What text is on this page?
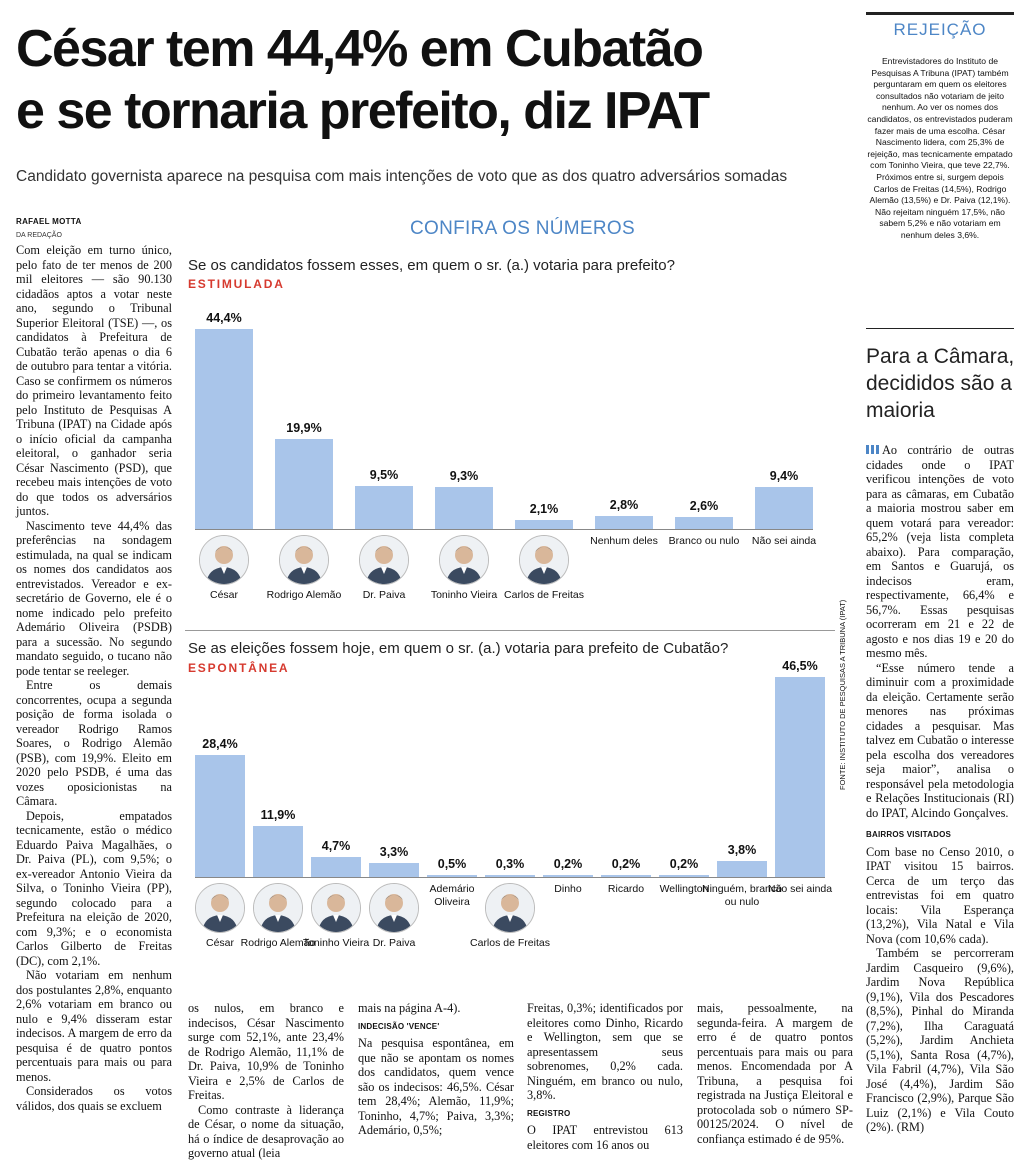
César tem 44,4% em Cubatão
e se tornaria prefeito, diz IPAT
Candidato governista aparece na pesquisa com mais intenções de voto que as dos quatro adversários somadas
RAFAEL MOTTA
DA REDAÇÃO

Com eleição em turno único, pelo fato de ter menos de 200 mil eleitores — são 90.130 cidadãos aptos a votar neste ano, segundo o Tribunal Superior Eleitoral (TSE) —, os candidatos à Prefeitura de Cubatão terão apenas o dia 6 de outubro para tentar a vitória. Caso se confirmem os números do primeiro levantamento feito pelo Instituto de Pesquisas A Tribuna (IPAT) na Cidade após o início oficial da campanha eleitoral, o ganhador seria César Nascimento (PSD), que recebeu mais intenções de voto do que todos os adversários juntos.

Nascimento teve 44,4% das preferências na sondagem estimulada, na qual se indicam os nomes dos candidatos aos entrevistados. Vereador e ex-secretário de Governo, ele é o nome indicado pelo prefeito Ademário Oliveira (PSDB) para a sucessão. No segundo mandato seguido, o tucano não pode tentar se reeleger.

Entre os demais concorrentes, ocupa a segunda posição de forma isolada o vereador Rodrigo Ramos Soares, o Rodrigo Alemão (PSB), com 19,9%. Eleito em 2020 pelo PSDB, é uma das vozes oposicionistas na Câmara.

Depois, empatados tecnicamente, estão o médico Eduardo Paiva Magalhães, o Dr. Paiva (PL), com 9,5%; o ex-vereador Antonio Vieira da Silva, o Toninho Vieira (PP), segundo colocado para a Prefeitura na eleição de 2020, com 9,3%; e o economista Carlos Gilberto de Freitas (DC), com 2,1%.

Não votariam em nenhum dos postulantes 2,8%, enquanto 2,6% votariam em branco ou nulo e 9,4% disseram estar indecisos. A margem de erro da pesquisa é de quatro pontos percentuais para mais ou para menos.

Considerados os votos válidos, dos quais se excluem

CONFIRA OS NÚMEROS
Se os candidatos fossem esses, em quem o sr. (a.) votaria para prefeito?
ESTIMULADA
44,4%
César
19,9%
Rodrigo Alemão
9,5%
Dr. Paiva
9,3%
Toninho Vieira
2,1%
Carlos de Freitas
2,8%
Nenhum deles
2,6%
Branco ou nulo
9,4%
Não sei ainda
Se as eleições fossem hoje, em quem o sr. (a.) votaria para prefeito de Cubatão?
ESPONTÂNEA
28,4%
César
11,9%
Rodrigo Alemão
4,7%
Toninho Vieira
3,3%
Dr. Paiva
0,5%
Ademário Oliveira
0,3%
Carlos de Freitas
0,2%
Dinho
0,2%
Ricardo
0,2%
Wellington
3,8%
Ninguém, branco ou nulo
46,5%
Não sei ainda
FONTE: INSTITUTO DE PESQUISAS A TRIBUNA (IPAT)

os nulos, em branco e indecisos, César Nascimento surge com 52,1%, ante 23,4% de Rodrigo Alemão, 11,1% de Dr. Paiva, 10,9% de Toninho Vieira e 2,5% de Carlos de Freitas.

Como contraste à liderança de César, o nome da situação, há o índice de desaprovação ao governo atual (leia

mais na página A-4).

INDECISÃO 'VENCE'

Na pesquisa espontânea, em que não se apontam os nomes dos candidatos, quem vence são os indecisos: 46,5%. César tem 28,4%; Alemão, 11,9%; Toninho, 4,7%; Paiva, 3,3%; Ademário, 0,5%;

Freitas, 0,3%; identificados por eleitores como Dinho, Ricardo e Wellington, sem que se apresentassem seus sobrenomes, 0,2% cada. Ninguém, em branco ou nulo, 3,8%.

REGISTRO

O IPAT entrevistou 613 eleitores com 16 anos ou

mais, pessoalmente, na segunda-feira. A margem de erro é de quatro pontos percentuais para mais ou para menos. Encomendada por A Tribuna, a pesquisa foi registrada na Justiça Eleitoral e protocolada sob o número SP-00125/2024. O nível de confiança estimado é de 95%.

REJEIÇÃO
Entrevistadores do Instituto de Pesquisas A Tribuna (IPAT) também perguntaram em quem os eleitores consultados não votariam de jeito nenhum. Ao ver os nomes dos candidatos, os entrevistados puderam fazer mais de uma escolha. César Nascimento lidera, com 25,3% de rejeição, mas tecnicamente empatado com Toninho Vieira, que teve 22,7%. Próximos entre si, surgem depois Carlos de Freitas (14,5%), Rodrigo Alemão (13,5%) e Dr. Paiva (12,1%). Não rejeitam ninguém 17,5%, não sabem 5,2% e não votariam em nenhum deles 3,6%.
Para a Câmara, decididos são a maioria

Ao contrário de outras cidades onde o IPAT verificou intenções de voto para as câmaras, em Cubatão a maioria mostrou saber em quem votará para vereador: 65,2% (veja lista completa abaixo). Para comparação, em Santos e Guarujá, os indecisos eram, respectivamente, 66,4% e 56,7%. Essas pesquisas ocorreram em 21 e 22 de agosto e nos dias 19 e 20 do mesmo mês.

“Esse número tende a diminuir com a proximidade da eleição. Certamente serão menores nas próximas cidades a pesquisar. Mas talvez em Cubatão o interesse pela escolha dos vereadores seja maior”, analisa o responsável pela metodologia e Relações Institucionais (RI) do IPAT, Alcindo Gonçalves.

BAIRROS VISITADOS

Com base no Censo 2010, o IPAT visitou 15 bairros. Cerca de um terço das entrevistas foi em quatro locais: Vila Esperança (13,2%), Vila Natal e Vila Nova (com 10,6% cada).

Também se percorreram Jardim Casqueiro (9,6%), Jardim Nova República (9,1%), Vila dos Pescadores (8,5%), Pinhal do Miranda (7,2%), Ilha Caraguatá (5,2%), Jardim Anchieta (5,1%), Santa Rosa (4,7%), Vila Fabril (4,7%), Vila São José (4,4%), Jardim São Francisco (2,9%), Parque São Luiz (2,1%) e Vila Couto (2%). (RM)
